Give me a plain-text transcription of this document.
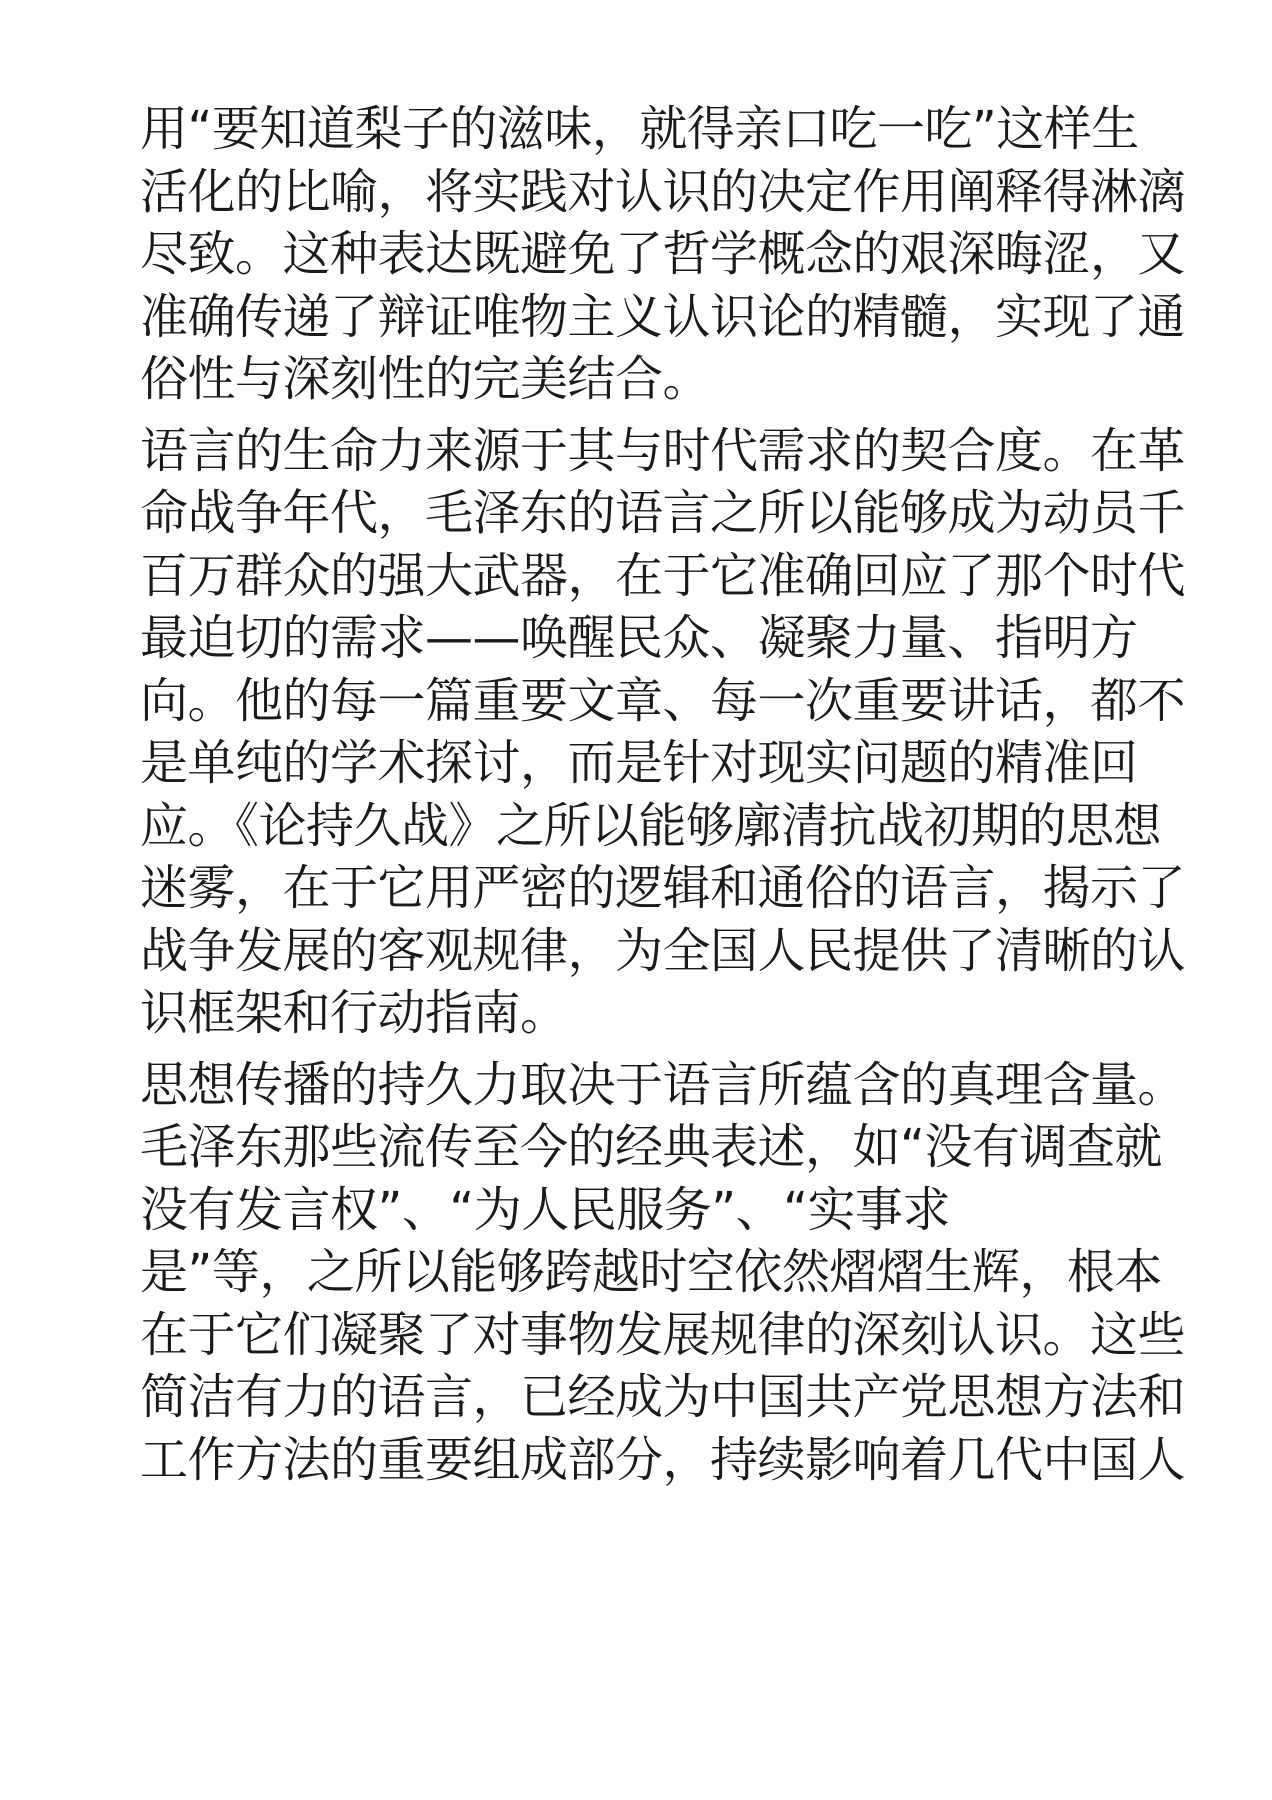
用“要知道梨子的滋味，就得亲口吃一吃”这样生
活化的比喻，将实践对认识的决定作用阐释得淋漓
尽致。这种表达既避免了哲学概念的艰深晦涩，又
准确传递了辩证唯物主义认识论的精髓，实现了通
俗性与深刻性的完美结合。

语言的生命力来源于其与时代需求的契合度。在革
命战争年代，毛泽东的语言之所以能够成为动员千
百万群众的强大武器，在于它准确回应了那个时代
最迫切的需求——唤醒民众、凝聚力量、指明方
向。他的每一篇重要文章、每一次重要讲话，都不
是单纯的学术探讨，而是针对现实问题的精准回
应。《论持久战》之所以能够廓清抗战初期的思想
迷雾，在于它用严密的逻辑和通俗的语言，揭示了
战争发展的客观规律，为全国人民提供了清晰的认
识框架和行动指南。

思想传播的持久力取决于语言所蕴含的真理含量。
毛泽东那些流传至今的经典表述，如“没有调查就
没有发言权”、“为人民服务”、“实事求
是”等，之所以能够跨越时空依然熠熠生辉，根本
在于它们凝聚了对事物发展规律的深刻认识。这些
简洁有力的语言，已经成为中国共产党思想方法和
工作方法的重要组成部分，持续影响着几代中国人
